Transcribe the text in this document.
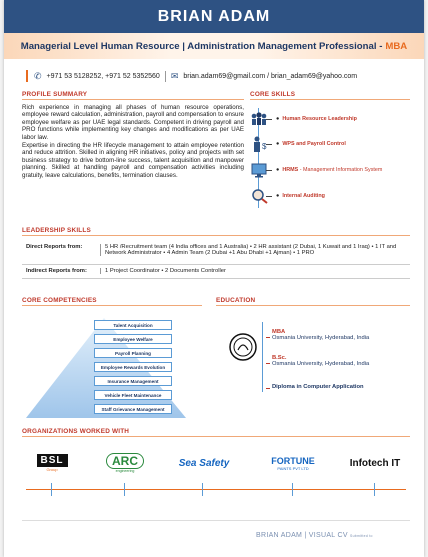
BRIAN ADAM
Managerial Level Human Resource | Administration Management Professional - MBA
✆ +971 53 5128252, +971 52 5352560 ✉ brian.adam69@gmail.com / brian_adam69@yahoo.com
PROFILE SUMMARY
Rich experience in managing all phases of human resource operations, employee reward calculation, administration, payroll and compensation to ensure employee welfare as per UAE legal standards. Competent in driving payroll and PRO functions while implementing key changes and modifications as per UAE labor law.
Expertise in directing the HR lifecycle management to attain employee retention and reduce attrition. Skilled in aligning HR initiatives, policy and projects with set business strategy to drive bottom-line success, talent acquisition and manpower planning. Skilled at handling payroll and compensation activities including gratuity, leave calculations, benefits, termination clauses.
CORE SKILLS
$
● Human Resource Leadership
● WPS and Payroll Control
● HRMS - Management Information System
● Internal Auditing
LEADERSHIP SKILLS
Direct Reports from:	5 HR /Recruitment team (4 India offices and 1 Australia) • 2 HR assistant (2 Dubai, 1 Kuwait and 1 Iraq) • 1 IT and Network Administrator • 4 Admin Team (2 Dubai +1 Abu Dhabi +1 Ajman) • 1 PRO
Indirect Reports from:	1 Project Coordinator • 2 Documents Controller
CORE COMPETENCIES
Talent Acquisition
Employee Welfare
Payroll Planning
Employee Rewards Evolution
Insurance Management
Vehicle Fleet Maintenance
Staff Grievance Management
EDUCATION
MBA
Osmania University, Hyderabad, India
B.Sc.
Osmania University, Hyderabad, India
Diploma in Computer Application
ORGANIZATIONS WORKED WITH
BSL
Group
ARC
engineering
Sea Safety	FORTUNE
PAINTS PVT LTD	Infotech IT
BRIAN ADAM | VISUAL CV Submitted to
